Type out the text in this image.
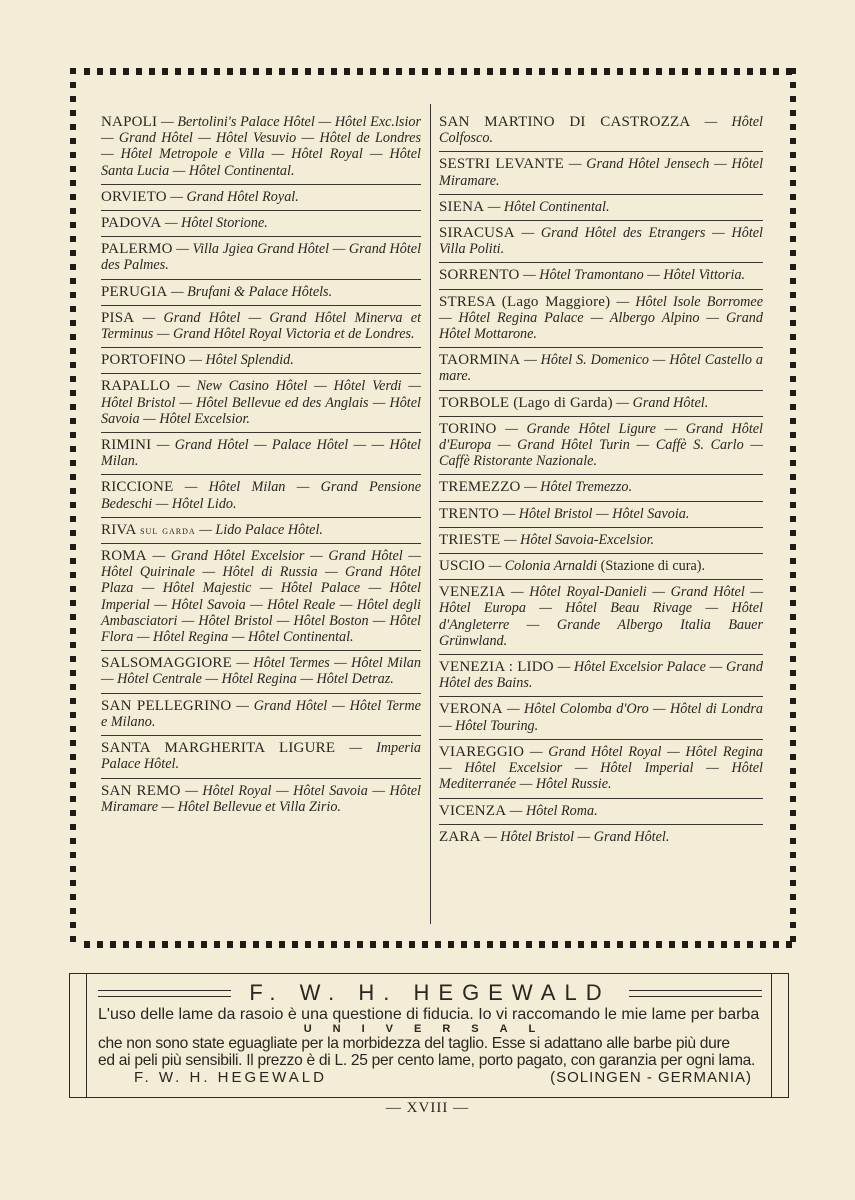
NAPOLI — Bertolini's Palace Hôtel — Hôtel Exc.lsior — Grand Hôtel — Hôtel Vesuvio — Hôtel de Londres — Hôtel Metropole e Villa — Hôtel Royal — Hôtel Santa Lucia — Hôtel Continental.
ORVIETO — Grand Hôtel Royal.
PADOVA — Hôtel Storione.
PALERMO — Villa Jgiea Grand Hôtel — Grand Hôtel des Palmes.
PERUGIA — Brufani & Palace Hôtels.
PISA — Grand Hôtel — Grand Hôtel Minerva et Terminus — Grand Hôtel Royal Victoria et de Londres.
PORTOFINO — Hôtel Splendid.
RAPALLO — New Casino Hôtel — Hôtel Verdi — Hôtel Bristol — Hôtel Bellevue ed des Anglais — Hôtel Savoia — Hôtel Excelsior.
RIMINI — Grand Hôtel — Palace Hôtel — — Hôtel Milan.
RICCIONE — Hôtel Milan — Grand Pensione Bedeschi — Hôtel Lido.
RIVA sul garda — Lido Palace Hôtel.
ROMA — Grand Hôtel Excelsior — Grand Hôtel — Hôtel Quirinale — Hôtel di Russia — Grand Hôtel Plaza — Hôtel Majestic — Hôtel Palace — Hôtel Imperial — Hôtel Savoia — Hôtel Reale — Hôtel degli Ambasciatori — Hôtel Bristol — Hôtel Boston — Hôtel Flora — Hôtel Regina — Hôtel Continental.
SALSOMAGGIORE — Hôtel Termes — Hôtel Milan — Hôtel Centrale — Hôtel Regina — Hôtel Detraz.
SAN PELLEGRINO — Grand Hôtel — Hôtel Terme e Milano.
SANTA MARGHERITA LIGURE — Imperia Palace Hôtel.
SAN REMO — Hôtel Royal — Hôtel Savoia — Hôtel Miramare — Hôtel Bellevue et Villa Zirio.
SAN MARTINO DI CASTROZZA — Hôtel Colfosco.
SESTRI LEVANTE — Grand Hôtel Jensech — Hôtel Miramare.
SIENA — Hôtel Continental.
SIRACUSA — Grand Hôtel des Etrangers — Hôtel Villa Politi.
SORRENTO — Hôtel Tramontano — Hôtel Vittoria.
STRESA (Lago Maggiore) — Hôtel Isole Borromee — Hôtel Regina Palace — Albergo Alpino — Grand Hôtel Mottarone.
TAORMINA — Hôtel S. Domenico — Hôtel Castello a mare.
TORBOLE (Lago di Garda) — Grand Hôtel.
TORINO — Grande Hôtel Ligure — Grand Hôtel d'Europa — Grand Hôtel Turin — Caffè S. Carlo — Caffè Ristorante Nazionale.
TREMEZZO — Hôtel Tremezzo.
TRENTO — Hôtel Bristol — Hôtel Savoia.
TRIESTE — Hôtel Savoia-Excelsior.
USCIO — Colonia Arnaldi (Stazione di cura).
VENEZIA — Hôtel Royal-Danieli — Grand Hôtel — Hôtel Europa — Hôtel Beau Rivage — Hôtel d'Angleterre — Grande Albergo Italia Bauer Grünwland.
VENEZIA : LIDO — Hôtel Excelsior Palace — Grand Hôtel des Bains.
VERONA — Hôtel Colomba d'Oro — Hôtel di Londra — Hôtel Touring.
VIAREGGIO — Grand Hôtel Royal — Hôtel Regina — Hôtel Excelsior — Hôtel Imperial — Hôtel Mediterranée — Hôtel Russie.
VICENZA — Hôtel Roma.
ZARA — Hôtel Bristol — Grand Hôtel.
F. W. H. HEGEWALD
L'uso delle lame da rasoio è una questione di fiducia. Io vi raccomando le mie lame per barba
UNIVERSAL
che non sono state eguagliate per la morbidezza del taglio. Esse si adattano alle barbe più dure
ed ai peli più sensibili. Il prezzo è di L. 25 per cento lame, porto pagato, con garanzia per ogni lama.
F. W. H. HEGEWALD	(SOLINGEN - GERMANIA)
— XVIII —
